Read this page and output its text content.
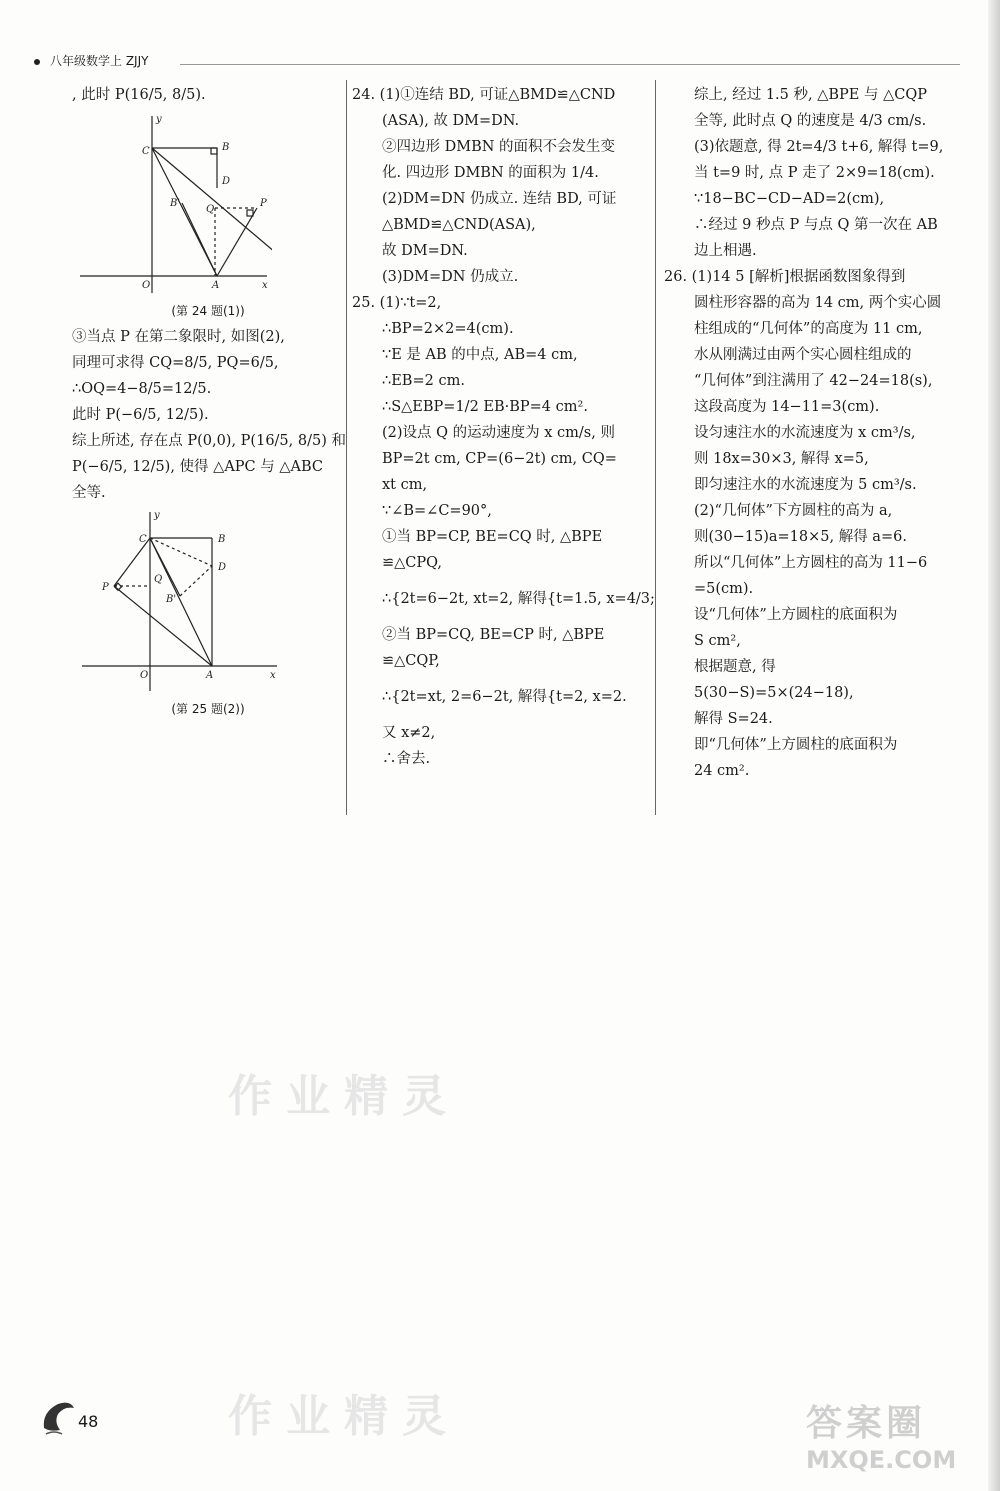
八年级数学上 ZJJY
, 此时 P(16/5, 8/5).
y
C	B
D
B'
Q
P
O	A	x
(第 24 题(1))
③当点 P 在第二象限时, 如图(2),
同理可求得 CQ=8/5, PQ=6/5,
∴OQ=4−8/5=12/5.
此时 P(−6/5, 12/5).
综上所述, 存在点 P(0,0), P(16/5, 8/5) 和
P(−6/5, 12/5), 使得 △APC 与 △ABC
全等.
y
C	B
D
P
Q
B'
O	A	x
(第 25 题(2))
24. (1)①连结 BD, 可证△BMD≌△CND
(ASA), 故 DM=DN.
②四边形 DMBN 的面积不会发生变
化. 四边形 DMBN 的面积为 1/4.
(2)DM=DN 仍成立. 连结 BD, 可证
△BMD≌△CND(ASA),
故 DM=DN.
(3)DM=DN 仍成立.
25. (1)∵t=2,
∴BP=2×2=4(cm).
∵E 是 AB 的中点, AB=4 cm,
∴EB=2 cm.
∴S△EBP=1/2 EB·BP=4 cm².
(2)设点 Q 的运动速度为 x cm/s, 则
BP=2t cm, CP=(6−2t) cm, CQ=
xt cm,
∵∠B=∠C=90°,
①当 BP=CP, BE=CQ 时, △BPE
≌△CPQ,
∴{2t=6−2t, xt=2, 解得{t=1.5, x=4/3;
②当 BP=CQ, BE=CP 时, △BPE
≌△CQP,
∴{2t=xt, 2=6−2t, 解得{t=2, x=2.
又 x≠2,
∴舍去.
综上, 经过 1.5 秒, △BPE 与 △CQP
全等, 此时点 Q 的速度是 4/3 cm/s.
(3)依题意, 得 2t=4/3 t+6, 解得 t=9,
当 t=9 时, 点 P 走了 2×9=18(cm).
∵18−BC−CD−AD=2(cm),
∴经过 9 秒点 P 与点 Q 第一次在 AB
边上相遇.
26. (1)14 5 [解析]根据函数图象得到
圆柱形容器的高为 14 cm, 两个实心圆
柱组成的“几何体”的高度为 11 cm,
水从刚满过由两个实心圆柱组成的
“几何体”到注满用了 42−24=18(s),
这段高度为 14−11=3(cm).
设匀速注水的水流速度为 x cm³/s,
则 18x=30×3, 解得 x=5,
即匀速注水的水流速度为 5 cm³/s.
(2)“几何体”下方圆柱的高为 a,
则(30−15)a=18×5, 解得 a=6.
所以“几何体”上方圆柱的高为 11−6
=5(cm).
设“几何体”上方圆柱的底面积为
S cm²,
根据题意, 得
5(30−S)=5×(24−18),
解得 S=24.
即“几何体”上方圆柱的底面积为
24 cm².
作业精灵
作业精灵
48	答案圈
MXQE.COM
